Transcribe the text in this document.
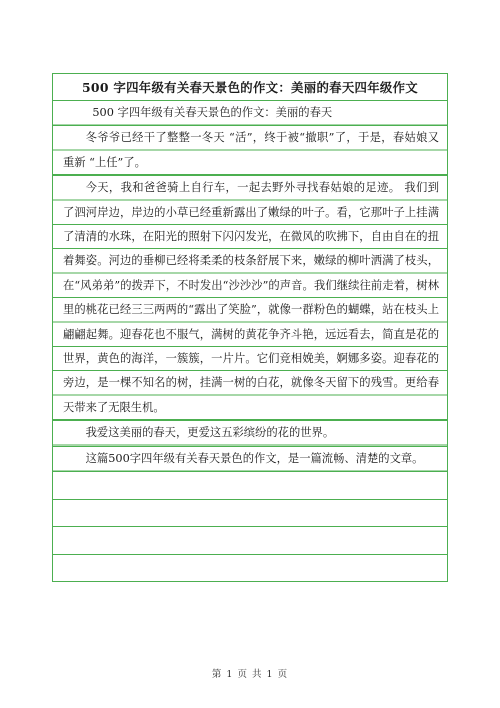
500 字四年级有关春天景色的作文：美丽的春天四年级作文
500 字四年级有关春天景色的作文：美丽的春天
冬爷爷已经干了整整一冬天 “活”，终于被“撤职”了，于是，春姑娘又重新 “上任”了。
今天，我和爸爸骑上自行车，一起去野外寻找春姑娘的足迹。 我们到了泗河岸边，岸边的小草已经重新露出了嫩绿的叶子。看，它那叶子上挂满了清清的水珠，在阳光的照射下闪闪发光，在微风的吹拂下，自由自在的扭着舞姿。河边的垂柳已经将柔柔的枝条舒展下来，嫩绿的柳叶洒满了枝头，在“风弟弟”的拨弄下，不时发出“沙沙沙”的声音。我们继续往前走着，树林里的桃花已经三三两两的“露出了笑脸”，就像一群粉色的蝴蝶，站在枝头上翩翩起舞。迎春花也不服气，满树的黄花争齐斗艳，远远看去，简直是花的世界，黄色的海洋，一簇簇，一片片。它们竞相娩美，婀娜多姿。迎春花的旁边，是一棵不知名的树，挂满一树的白花，就像冬天留下的残雪。更给春天带来了无限生机。
我爱这美丽的春天，更爱这五彩缤纷的花的世界。
这篇500字四年级有关春天景色的作文，是一篇流畅、清楚的文章。
第 1 页 共 1 页
